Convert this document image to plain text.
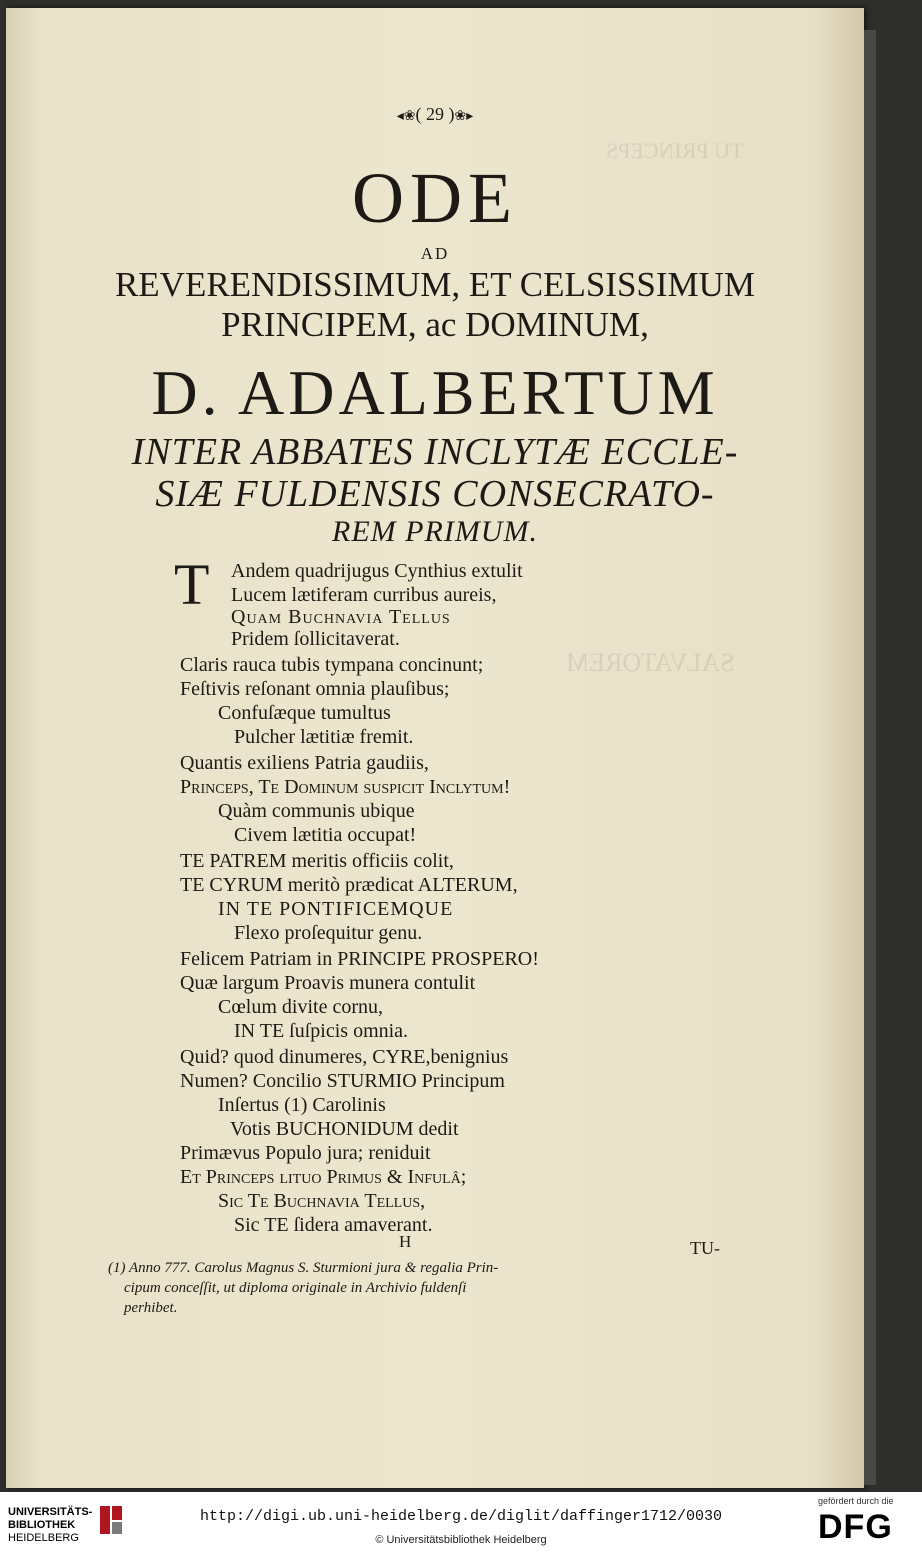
TU PRINCEPS
SALVATOREM
◂❀( 29 )❀▸
ODE
AD
REVERENDISSIMUM, ET CELSISSIMUM
PRINCIPEM, ac DOMINUM,
D. ADALBERTUM
INTER ABBATES INCLYTÆ ECCLE-
SIÆ FULDENSIS CONSECRATO-
REM PRIMUM.
T Andem quadrijugus Cynthius extulit
Lucem lætiferam curribus aureis,
Quam Buchnavia Tellus
Pridem ſollicitaverat.
Claris rauca tubis tympana concinunt;
Feſtivis reſonant omnia plauſibus;
Confuſæque tumultus
Pulcher lætitiæ fremit.
Quantis exiliens Patria gaudiis,
Princeps, Te Dominum ſuſpicit Inclytum!
Quàm communis ubique
Civem lætitia occupat!
TE PATREM meritis officiis colit,
TE CYRUM meritò prædicat ALTERUM,
IN TE PONTIFICEMQUE
Flexo proſequitur genu.
Felicem Patriam in PRINCIPE PROSPERO!
Quæ largum Proavis munera contulit
Cœlum divite cornu,
IN TE ſuſpicis omnia.
Quid? quod dinumeres, CYRE,benignius
Numen? Concilio STURMIO Principum
Inſertus (1) Carolinis
Votis BUCHONIDUM dedit
Primævus Populo jura; reniduit
Et Princeps lituo Primus & Infulâ;
Sic Te Buchnavia Tellus,
Sic TE ſidera amaverant.
H	TU-
(1) Anno 777. Carolus Magnus S. Sturmioni jura & regalia Prin-
cipum conceſſit, ut diploma originale in Archivio fuldenſi
perhibet.
UNIVERSITÄTS-
BIBLIOTHEK
HEIDELBERG
http://digi.ub.uni-heidelberg.de/diglit/daffinger1712/0030
© Universitätsbibliothek Heidelberg
gefördert durch die
DFG
